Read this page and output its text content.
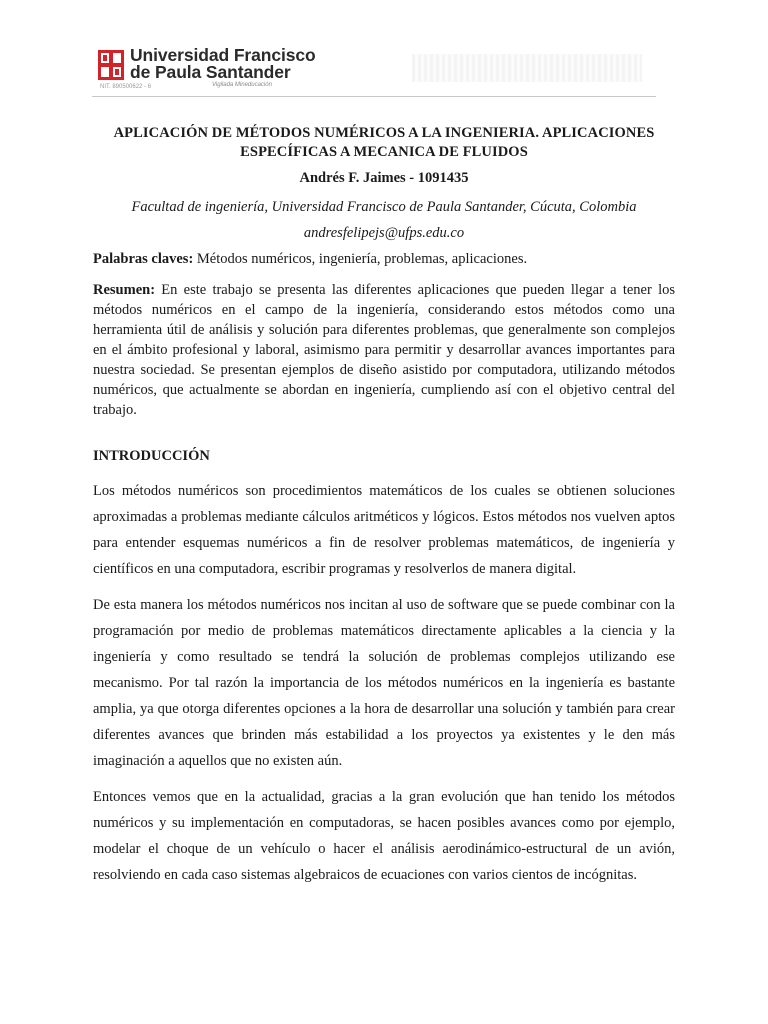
Universidad Francisco
de Paula Santander
Vigilada Mineducación
NIT. 890500622 - 6
APLICACIÓN DE MÉTODOS NUMÉRICOS A LA INGENIERIA. APLICACIONES
ESPECÍFICAS A MECANICA DE FLUIDOS

Andrés F. Jaimes - 1091435

Facultad de ingeniería, Universidad Francisco de Paula Santander, Cúcuta, Colombia

andresfelipejs@ufps.edu.co

Palabras claves: Métodos numéricos, ingeniería, problemas, aplicaciones.

Resumen: En este trabajo se presenta las diferentes aplicaciones que pueden llegar a tener los métodos numéricos en el campo de la ingeniería, considerando estos métodos como una herramienta útil de análisis y solución para diferentes problemas, que generalmente son complejos en el ámbito profesional y laboral, asimismo para permitir y desarrollar avances importantes para nuestra sociedad. Se presentan ejemplos de diseño asistido por computadora, utilizando métodos numéricos, que actualmente se abordan en ingeniería, cumpliendo así con el objetivo central del trabajo.

INTRODUCCIÓN

Los métodos numéricos son procedimientos matemáticos de los cuales se obtienen soluciones aproximadas a problemas mediante cálculos aritméticos y lógicos. Estos métodos nos vuelven aptos para entender esquemas numéricos a fin de resolver problemas matemáticos, de ingeniería y científicos en una computadora, escribir programas y resolverlos de manera digital.

De esta manera los métodos numéricos nos incitan al uso de software que se puede combinar con la programación por medio de problemas matemáticos directamente aplicables a la ciencia y la ingeniería y como resultado se tendrá la solución de problemas complejos utilizando ese mecanismo. Por tal razón la importancia de los métodos numéricos en la ingeniería es bastante amplia, ya que otorga diferentes opciones a la hora de desarrollar una solución y también para crear diferentes avances que brinden más estabilidad a los proyectos ya existentes y le den más imaginación a aquellos que no existen aún.

Entonces vemos que en la actualidad, gracias a la gran evolución que han tenido los métodos numéricos y su implementación en computadoras, se hacen posibles avances como por ejemplo, modelar el choque de un vehículo o hacer el análisis aerodinámico-estructural de un avión, resolviendo en cada caso sistemas algebraicos de ecuaciones con varios cientos de incógnitas.
